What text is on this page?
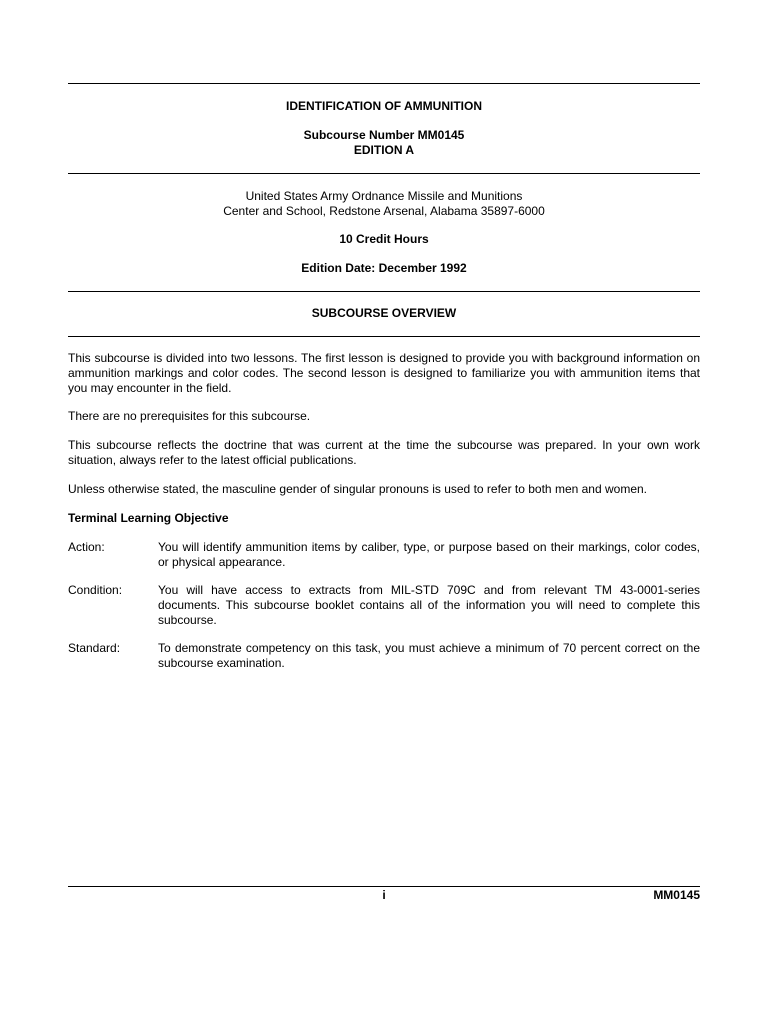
IDENTIFICATION OF AMMUNITION
Subcourse Number MM0145
EDITION A
United States Army Ordnance Missile and Munitions
Center and School, Redstone Arsenal, Alabama 35897-6000
10 Credit Hours
Edition Date: December 1992
SUBCOURSE OVERVIEW

This subcourse is divided into two lessons. The first lesson is designed to provide you with background information on ammunition markings and color codes. The second lesson is designed to familiarize you with ammunition items that you may encounter in the field.

There are no prerequisites for this subcourse.

This subcourse reflects the doctrine that was current at the time the subcourse was prepared. In your own work situation, always refer to the latest official publications.

Unless otherwise stated, the masculine gender of singular pronouns is used to refer to both men and women.

Terminal Learning Objective
Action:	You will identify ammunition items by caliber, type, or purpose based on their markings, color codes, or physical appearance.
Condition:	You will have access to extracts from MIL-STD 709C and from relevant TM 43-0001-series documents. This subcourse booklet contains all of the information you will need to complete this subcourse.
Standard:	To demonstrate competency on this task, you must achieve a minimum of 70 percent correct on the subcourse examination.
i	MM0145
